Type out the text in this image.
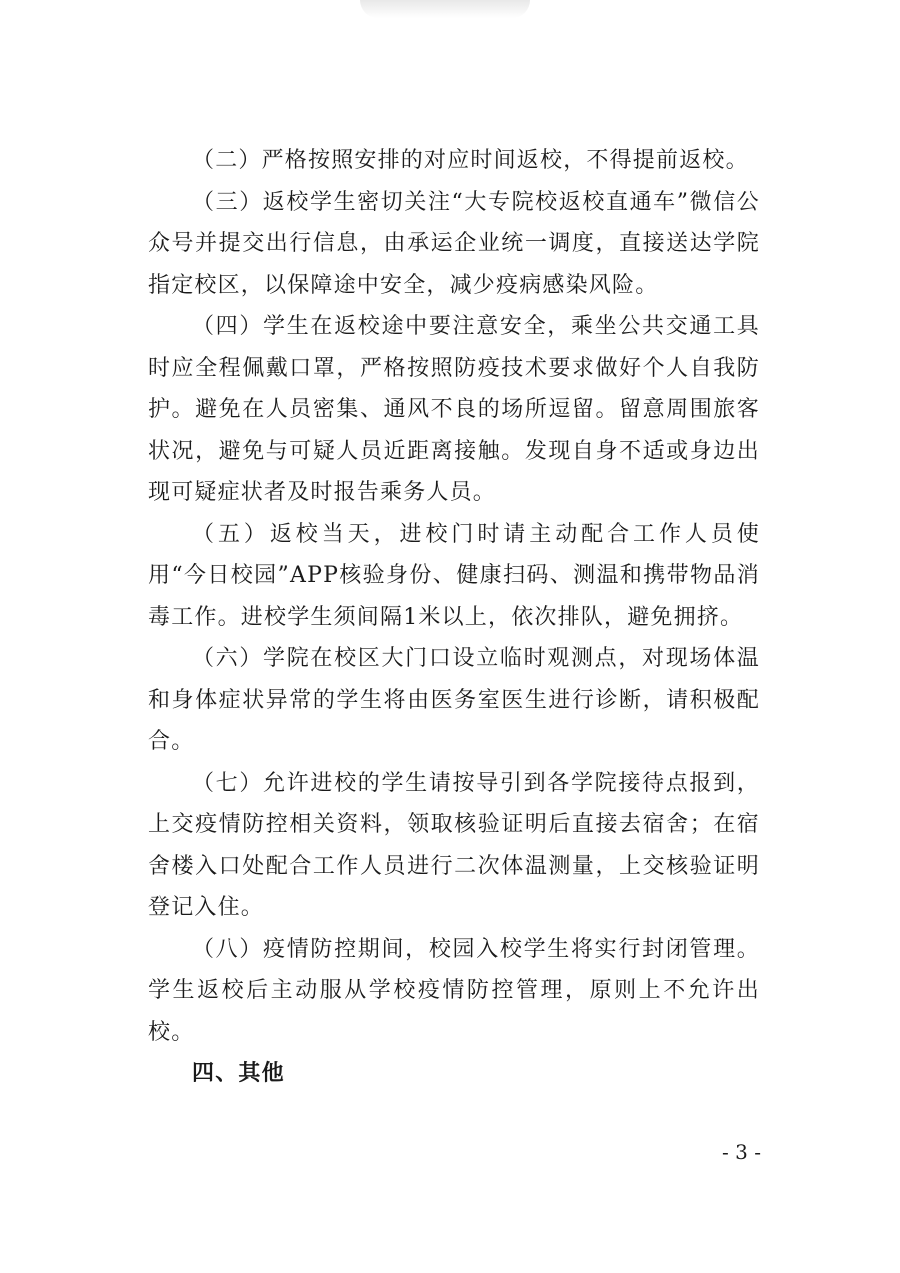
（二）严格按照安排的对应时间返校，不得提前返校。

（三）返校学生密切关注“大专院校返校直通车”微信公众号并提交出行信息，由承运企业统一调度，直接送达学院指定校区，以保障途中安全，减少疫病感染风险。

（四）学生在返校途中要注意安全，乘坐公共交通工具时应全程佩戴口罩，严格按照防疫技术要求做好个人自我防护。避免在人员密集、通风不良的场所逗留。留意周围旅客状况，避免与可疑人员近距离接触。发现自身不适或身边出现可疑症状者及时报告乘务人员。

（五）返校当天，进校门时请主动配合工作人员使用“今日校园”APP核验身份、健康扫码、测温和携带物品消毒工作。进校学生须间隔1米以上，依次排队，避免拥挤。

（六）学院在校区大门口设立临时观测点，对现场体温和身体症状异常的学生将由医务室医生进行诊断，请积极配合。

（七）允许进校的学生请按导引到各学院接待点报到，上交疫情防控相关资料，领取核验证明后直接去宿舍；在宿舍楼入口处配合工作人员进行二次体温测量，上交核验证明登记入住。

（八）疫情防控期间，校园入校学生将实行封闭管理。学生返校后主动服从学校疫情防控管理，原则上不允许出校。

四、其他

- 3 -
